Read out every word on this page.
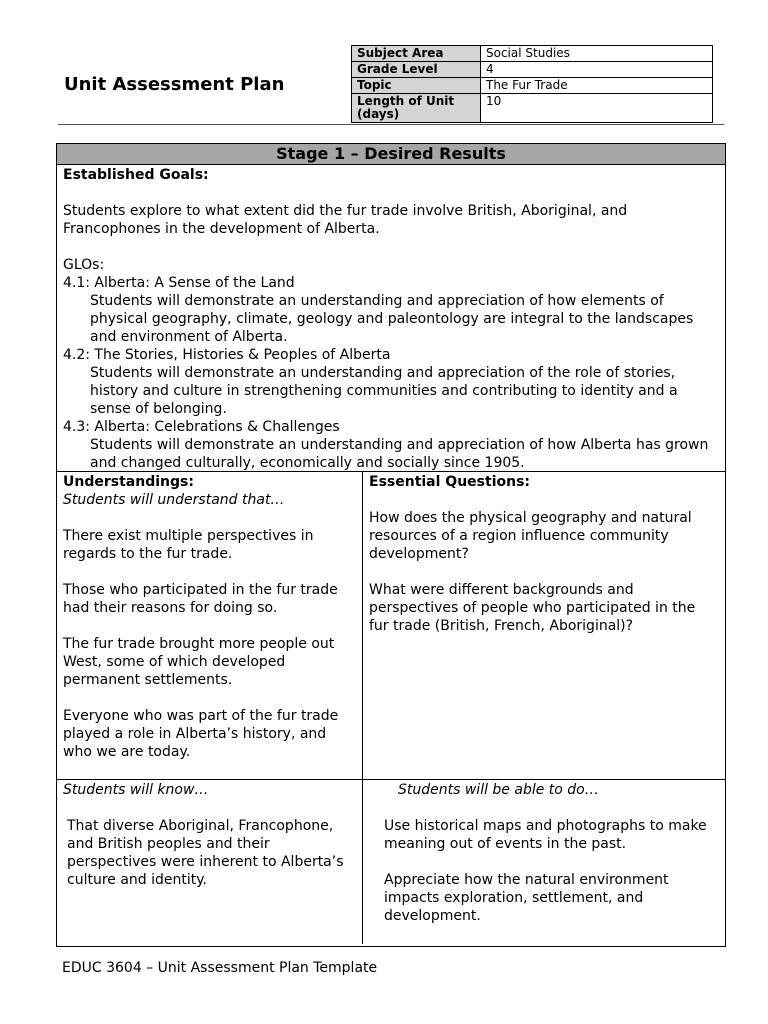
Unit Assessment Plan
Subject Area	Social Studies
Grade Level	4
Topic	The Fur Trade
Length of Unit (days)	10
Stage 1 – Desired Results

Established Goals:

Students explore to what extent did the fur trade involve British, Aboriginal, and Francophones in the development of Alberta.

GLOs:

4.1: Alberta: A Sense of the Land

Students will demonstrate an understanding and appreciation of how elements of physical geography, climate, geology and paleontology are integral to the landscapes and environment of Alberta.

4.2: The Stories, Histories & Peoples of Alberta

Students will demonstrate an understanding and appreciation of the role of stories, history and culture in strengthening communities and contributing to identity and a sense of belonging.

4.3: Alberta: Celebrations & Challenges

Students will demonstrate an understanding and appreciation of how Alberta has grown and changed culturally, economically and socially since 1905.

Understandings:

Students will understand that…

There exist multiple perspectives in regards to the fur trade.

Those who participated in the fur trade had their reasons for doing so.

The fur trade brought more people out West, some of which developed permanent settlements.

Everyone who was part of the fur trade played a role in Alberta’s history, and who we are today.

Essential Questions:

How does the physical geography and natural resources of a region influence community development?

What were different backgrounds and perspectives of people who participated in the fur trade (British, French, Aboriginal)?

Students will know…

That diverse Aboriginal, Francophone, and British peoples and their perspectives were inherent to Alberta’s culture and identity.

Students will be able to do…

Use historical maps and photographs to make meaning out of events in the past.

Appreciate how the natural environment impacts exploration, settlement, and development.

EDUC 3604 – Unit Assessment Plan Template
